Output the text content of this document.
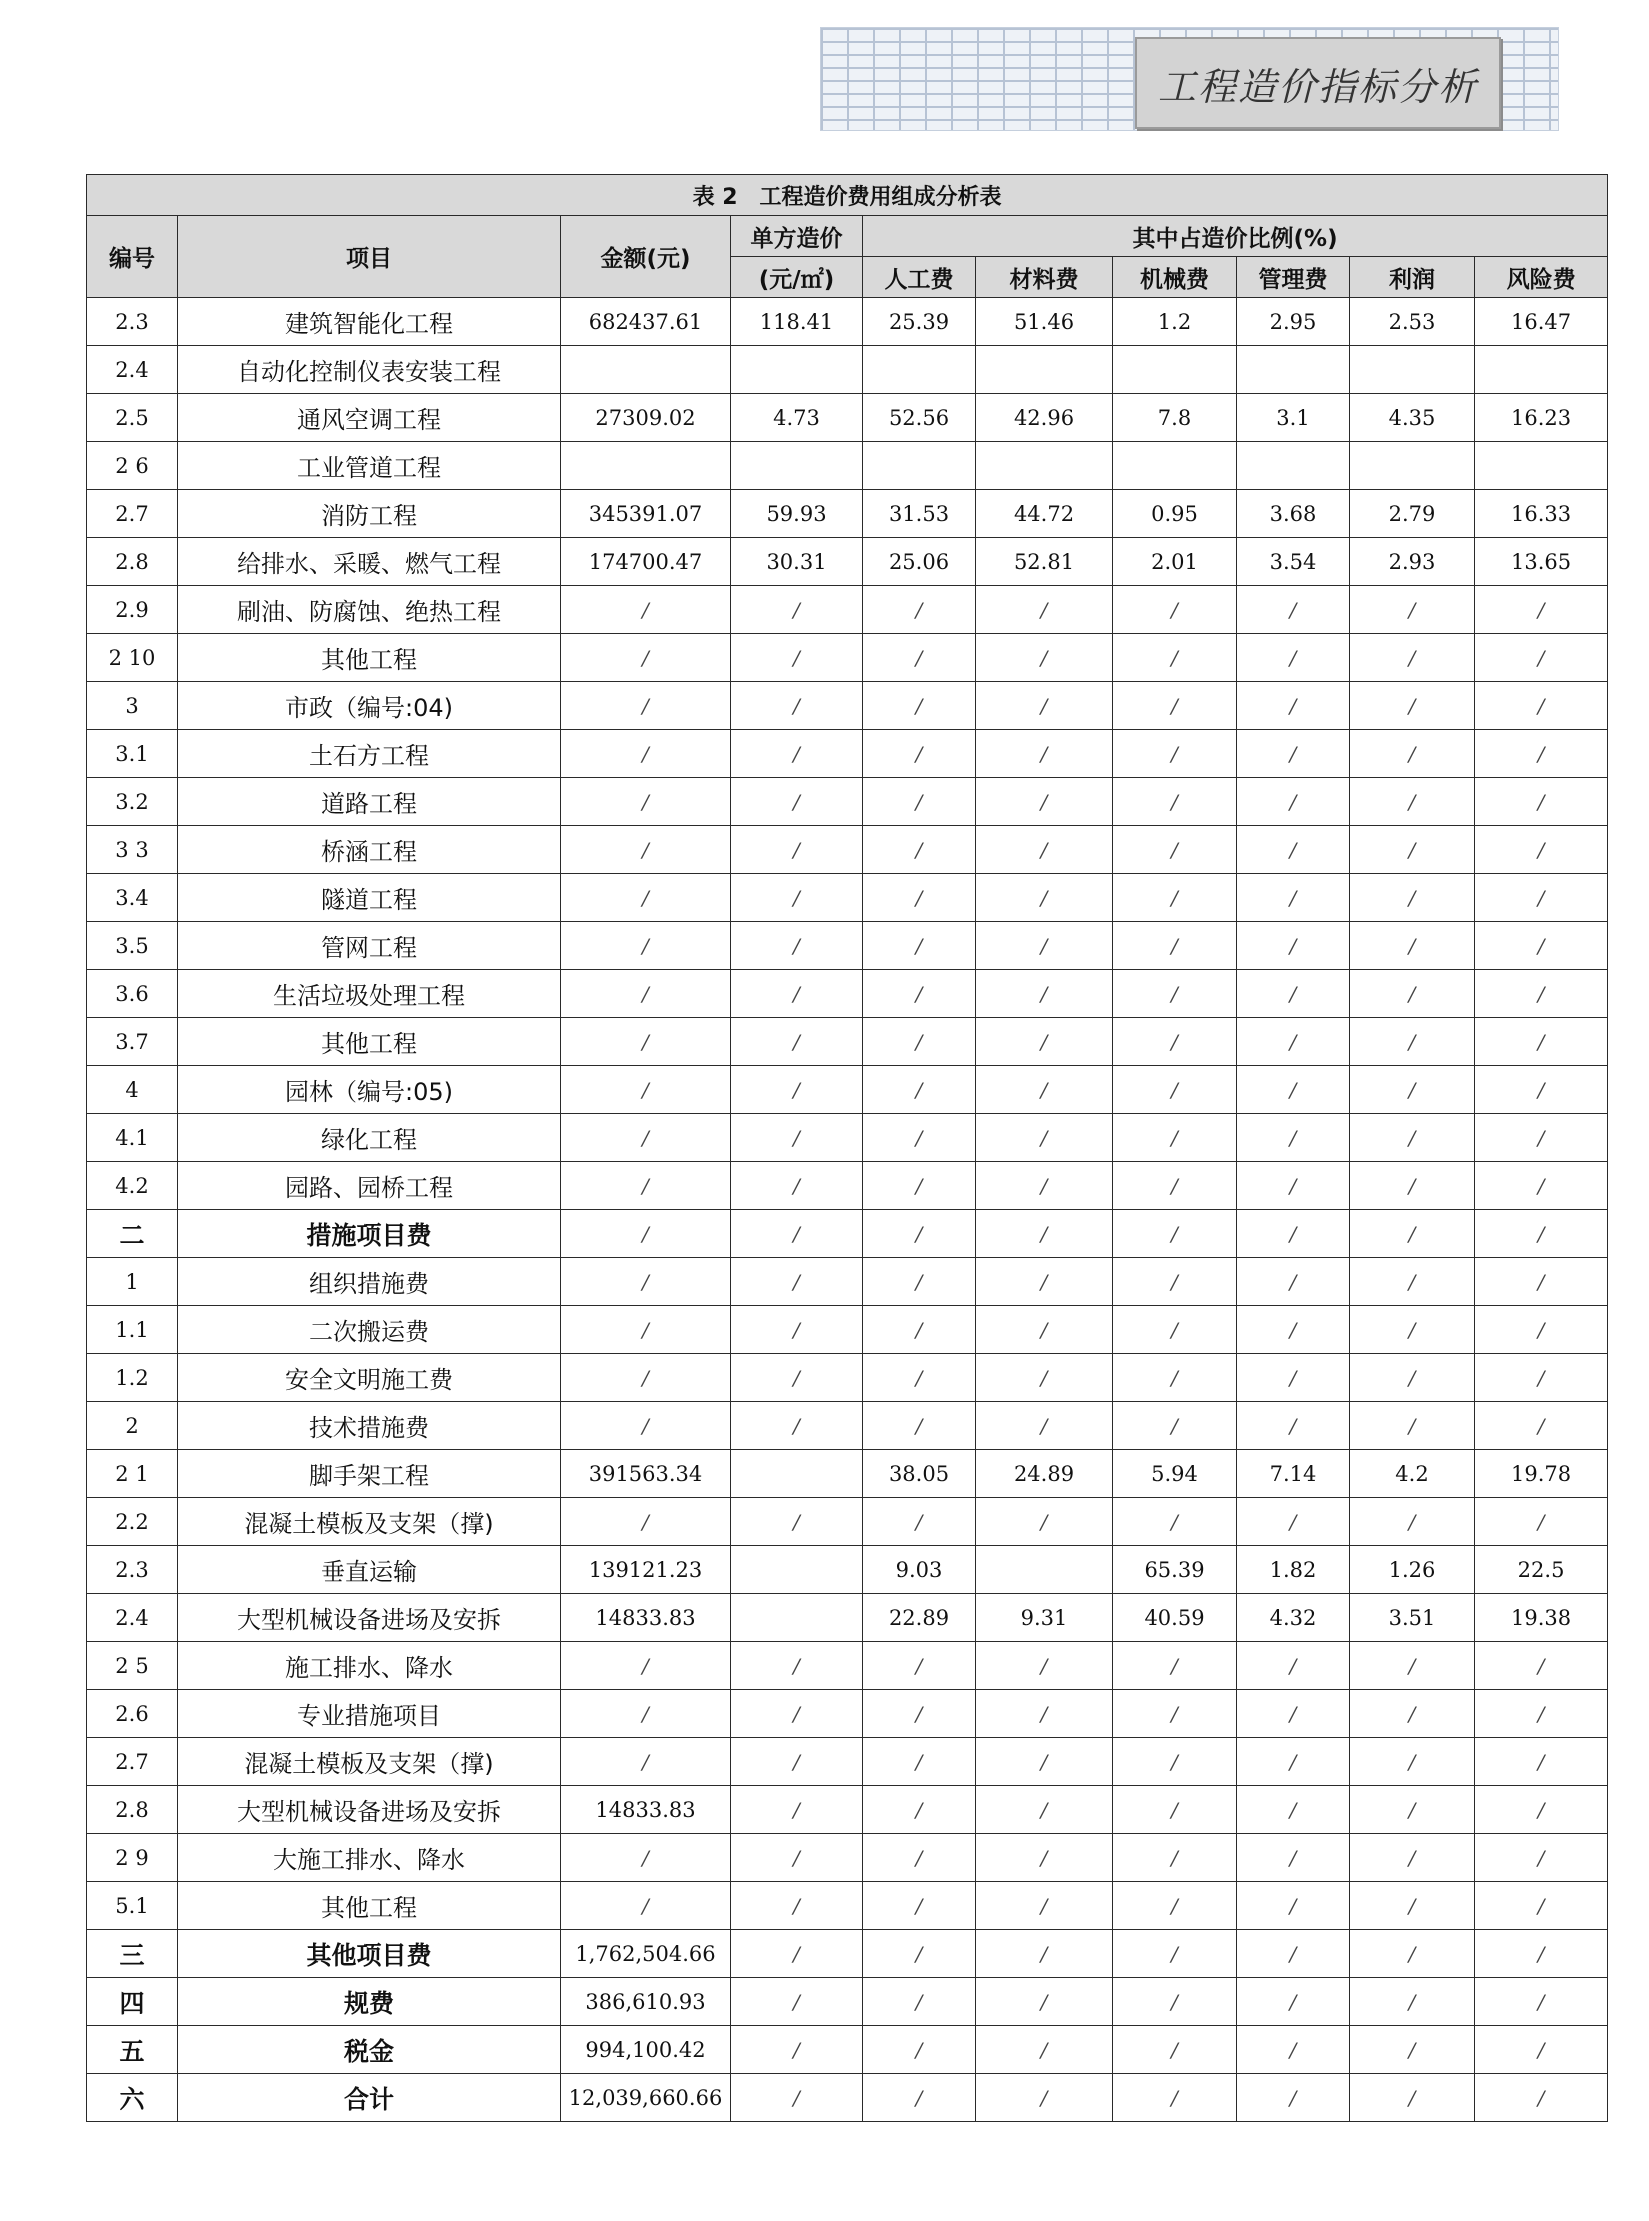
工程造价指标分析
表 2　工程造价费用组成分析表									
编号	项目	金额(元)	单方造价	其中占造价比例(%)					
			(元/㎡)	人工费	材料费	机械费	管理费	利润	风险费
2.3	建筑智能化工程	682437.61	118.41	25.39	51.46	1.2	2.95	2.53	16.47
2.4	自动化控制仪表安装工程								
2.5	通风空调工程	27309.02	4.73	52.56	42.96	7.8	3.1	4.35	16.23
2 6	工业管道工程								
2.7	消防工程	345391.07	59.93	31.53	44.72	0.95	3.68	2.79	16.33
2.8	给排水、采暖、燃气工程	174700.47	30.31	25.06	52.81	2.01	3.54	2.93	13.65
2.9	刷油、防腐蚀、绝热工程	/	/	/	/	/	/	/	/
2 10	其他工程	/	/	/	/	/	/	/	/
3	市政（编号:04)	/	/	/	/	/	/	/	/
3.1	土石方工程	/	/	/	/	/	/	/	/
3.2	道路工程	/	/	/	/	/	/	/	/
3 3	桥涵工程	/	/	/	/	/	/	/	/
3.4	隧道工程	/	/	/	/	/	/	/	/
3.5	管网工程	/	/	/	/	/	/	/	/
3.6	生活垃圾处理工程	/	/	/	/	/	/	/	/
3.7	其他工程	/	/	/	/	/	/	/	/
4	园林（编号:05)	/	/	/	/	/	/	/	/
4.1	绿化工程	/	/	/	/	/	/	/	/
4.2	园路、园桥工程	/	/	/	/	/	/	/	/
二	措施项目费	/	/	/	/	/	/	/	/
1	组织措施费	/	/	/	/	/	/	/	/
1.1	二次搬运费	/	/	/	/	/	/	/	/
1.2	安全文明施工费	/	/	/	/	/	/	/	/
2	技术措施费	/	/	/	/	/	/	/	/
2 1	脚手架工程	391563.34		38.05	24.89	5.94	7.14	4.2	19.78
2.2	混凝土模板及支架（撑)	/	/	/	/	/	/	/	/
2.3	垂直运输	139121.23		9.03		65.39	1.82	1.26	22.5
2.4	大型机械设备进场及安拆	14833.83		22.89	9.31	40.59	4.32	3.51	19.38
2 5	施工排水、降水	/	/	/	/	/	/	/	/
2.6	专业措施项目	/	/	/	/	/	/	/	/
2.7	混凝土模板及支架（撑)	/	/	/	/	/	/	/	/
2.8	大型机械设备进场及安拆	14833.83	/	/	/	/	/	/	/
2 9	大施工排水、降水	/	/	/	/	/	/	/	/
5.1	其他工程	/	/	/	/	/	/	/	/
三	其他项目费	1,762,504.66	/	/	/	/	/	/	/
四	规费	386,610.93	/	/	/	/	/	/	/
五	税金	994,100.42	/	/	/	/	/	/	/
六	合计	12,039,660.66	/	/	/	/	/	/	/
